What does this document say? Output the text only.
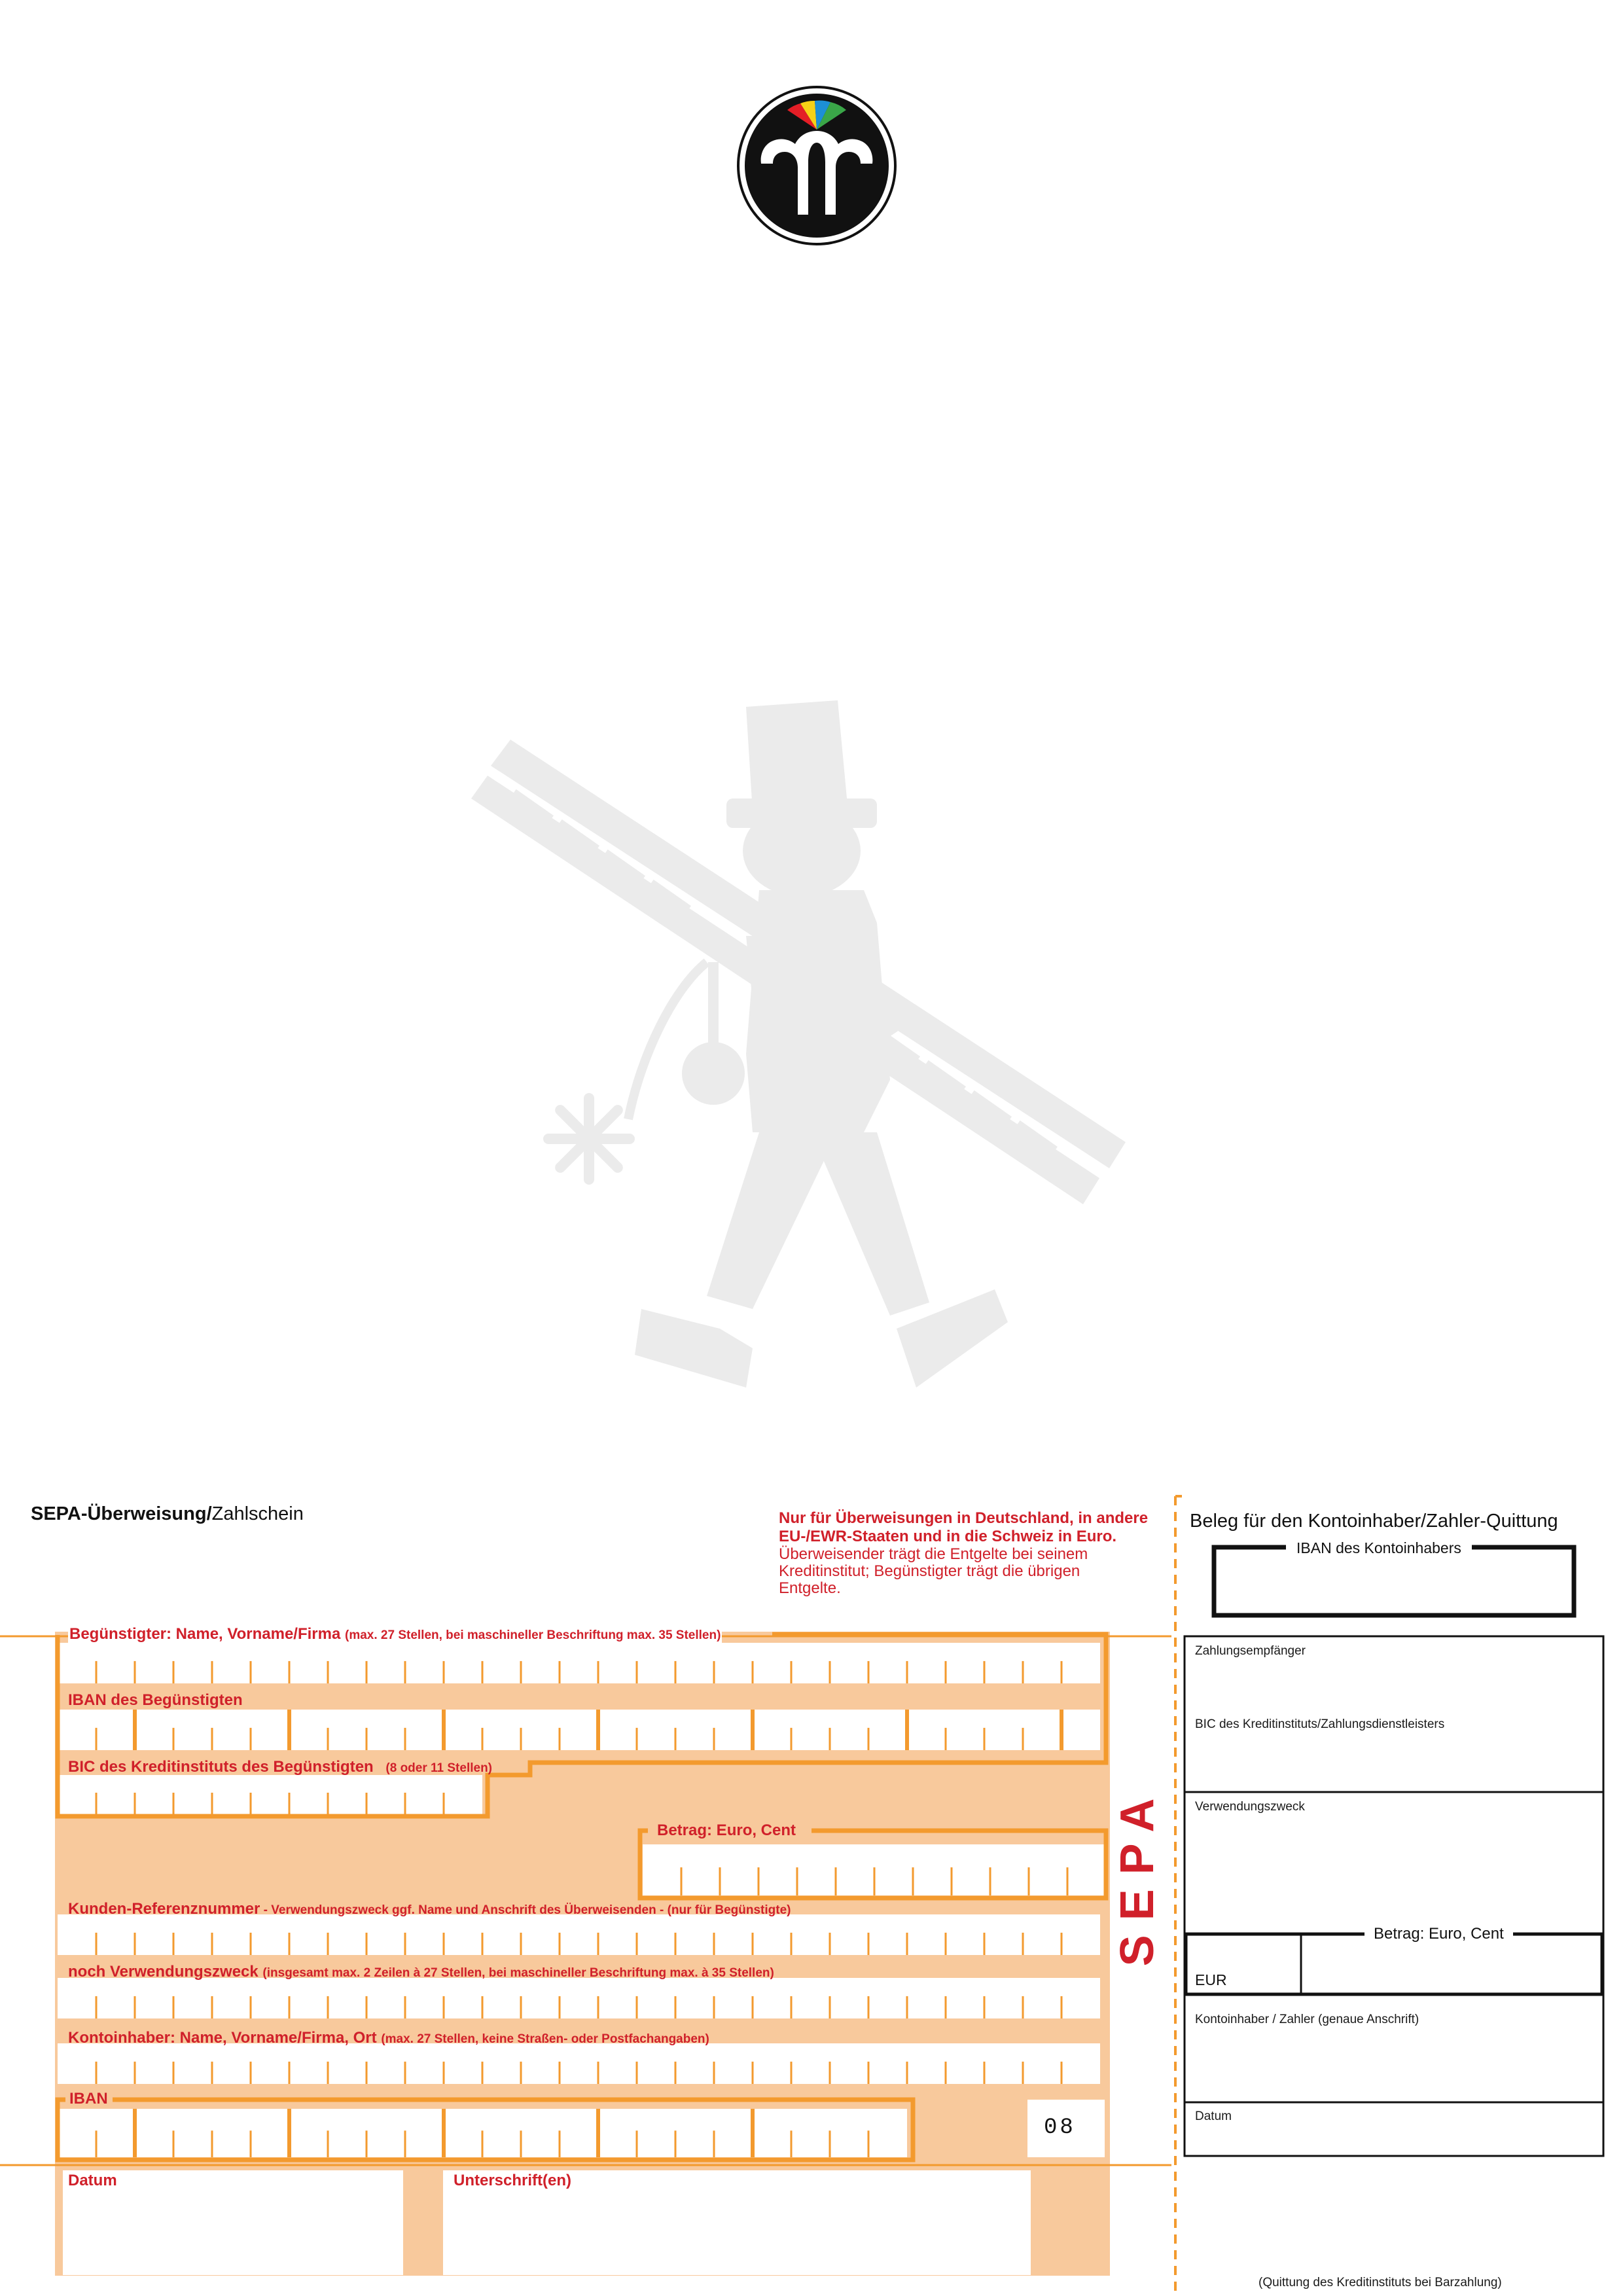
SEPA-Überweisung/Zahlschein	Nur für Überweisungen in Deutschland, in andere
EU-/EWR-Staaten und in die Schweiz in Euro.
Überweisender trägt die Entgelte bei seinem
Kreditinstitut; Begünstigter trägt die übrigen
Entgelte.
Begünstigter: Name, Vorname/Firma (max. 27 Stellen, bei maschineller Beschriftung max. 35 Stellen)
IBAN des Begünstigten
BIC des Kreditinstituts des Begünstigten (8 oder 11 Stellen)
Betrag: Euro, Cent
Kunden-Referenznummer - Verwendungszweck ggf. Name und Anschrift des Überweisenden - (nur für Begünstigte)
noch Verwendungszweck (insgesamt max. 2 Zeilen à 27 Stellen, bei maschineller Beschriftung max. à 35 Stellen)
Kontoinhaber: Name, Vorname/Firma, Ort (max. 27 Stellen, keine Straßen- oder Postfachangaben)
IBAN
08
Datum	Unterschrift(en)
SEPA
Beleg für den Kontoinhaber/Zahler-Quittung
IBAN des Kontoinhabers
Zahlungsempfänger
BIC des Kreditinstituts/Zahlungsdienstleisters
Verwendungszweck
Betrag: Euro, Cent
EUR
Kontoinhaber / Zahler (genaue Anschrift)
Datum
(Quittung des Kreditinstituts bei Barzahlung)
